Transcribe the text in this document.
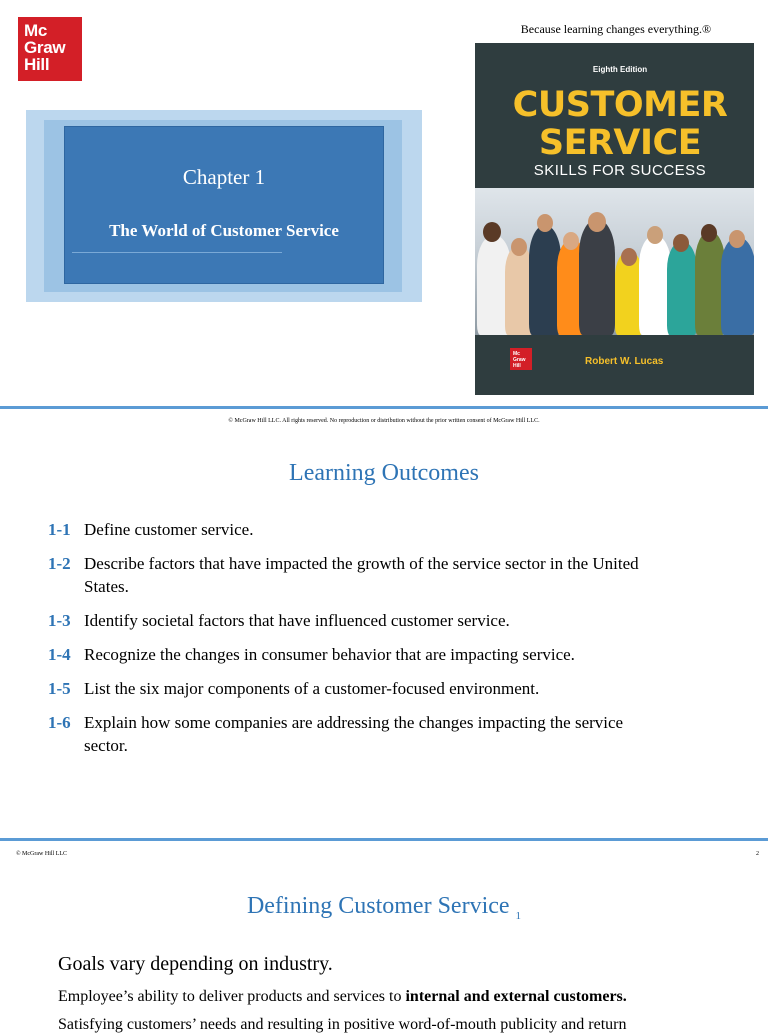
Mc
Graw
Hill
Because learning changes everything.®
Chapter 1
The World of Customer Service
Eighth Edition
CUSTOMER
SERVICE
SKILLS FOR SUCCESS
Mc
Graw
Hill	Robert W. Lucas
© McGraw Hill LLC. All rights reserved. No reproduction or distribution without the prior written consent of McGraw Hill LLC.
Learning Outcomes
1-1 Define customer service.
1-2 Describe factors that have impacted the growth of the service sector in the United States.
1-3 Identify societal factors that have influenced customer service.
1-4 Recognize the changes in consumer behavior that are impacting service.
1-5 List the six major components of a customer-focused environment.
1-6 Explain how some companies are addressing the changes impacting the service sector.
© McGraw Hill LLC	2
Defining Customer Service $_1$
Goals vary depending on industry.
Employee’s ability to deliver products and services to internal and external customers.
Satisfying customers’ needs and resulting in positive word-of-mouth publicity and return
